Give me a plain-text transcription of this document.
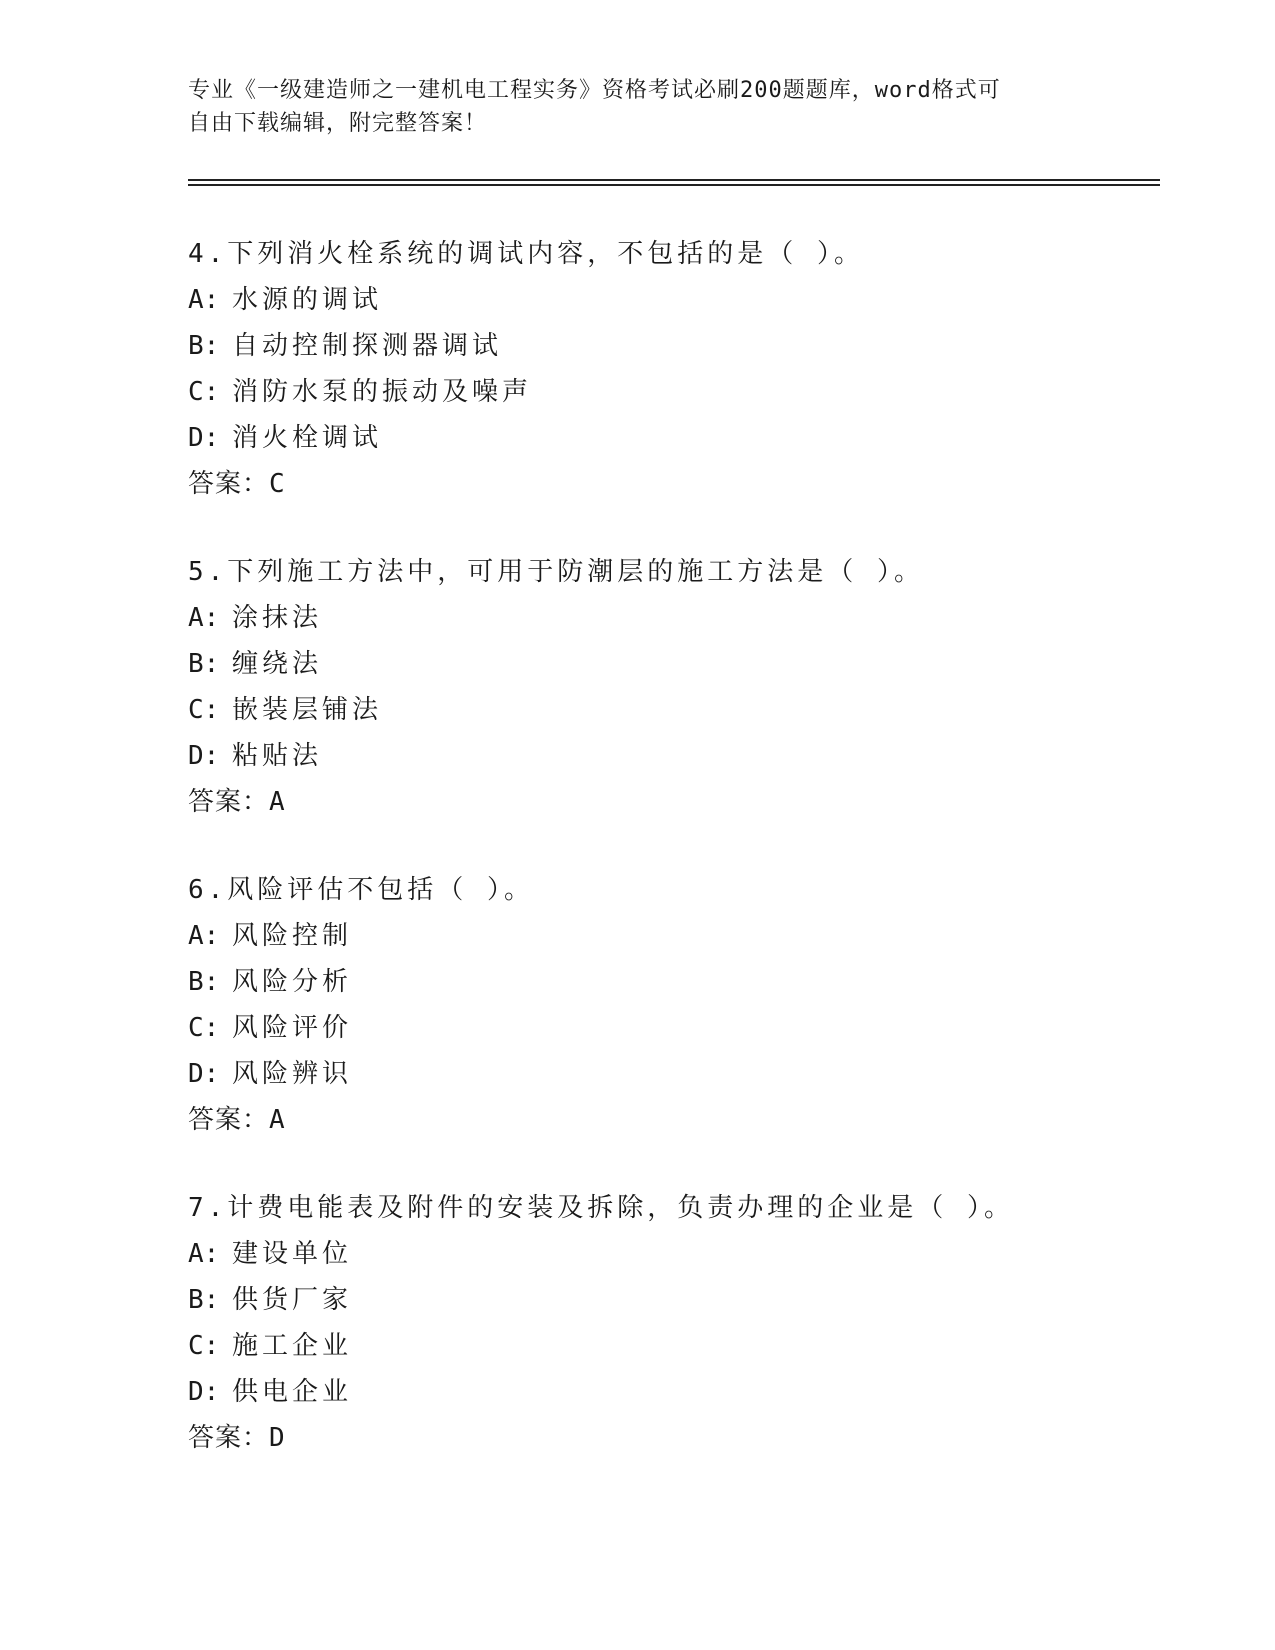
专业《一级建造师之一建机电工程实务》资格考试必刷200题题库，word格式可
自由下载编辑，附完整答案！
4.下列消火栓系统的调试内容，不包括的是（ ）。
A: 水源的调试
B: 自动控制探测器调试
C: 消防水泵的振动及噪声
D: 消火栓调试
答案：C
5.下列施工方法中，可用于防潮层的施工方法是（ ）。
A: 涂抹法
B: 缠绕法
C: 嵌装层铺法
D: 粘贴法
答案：A
6.风险评估不包括（ ）。
A: 风险控制
B: 风险分析
C: 风险评价
D: 风险辨识
答案：A
7.计费电能表及附件的安装及拆除，负责办理的企业是（ ）。
A: 建设单位
B: 供货厂家
C: 施工企业
D: 供电企业
答案：D
